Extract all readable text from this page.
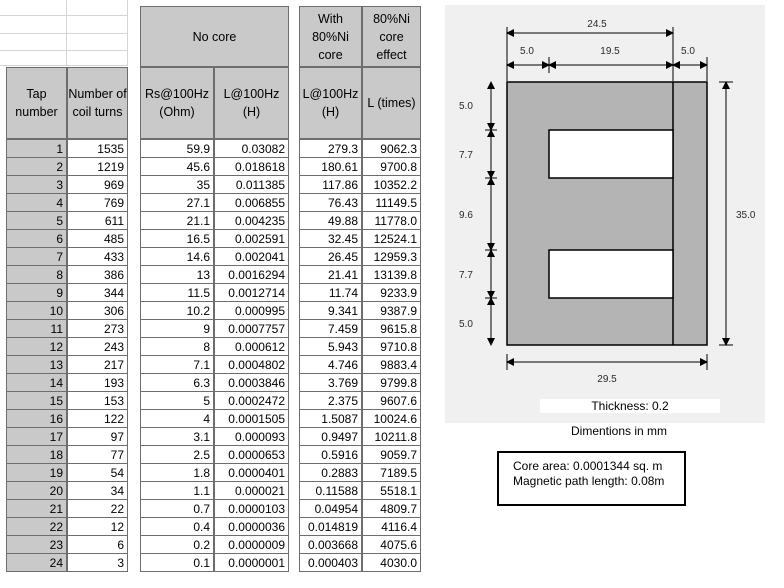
No core
With 80%Ni core
80%Ni core effect
Tap number
Number of coil turns
Rs@100Hz (Ohm)
L@100Hz (H)
L@100Hz (H)
L (times)
1	1535	59.9	0.03082	279.3	9062.3
2	1219	45.6	0.018618	180.61	9700.8
3	969	35	0.011385	117.86	10352.2
4	769	27.1	0.006855	76.43	11149.5
5	611	21.1	0.004235	49.88	11778.0
6	485	16.5	0.002591	32.45	12524.1
7	433	14.6	0.002041	26.45	12959.3
8	386	13	0.0016294	21.41	13139.8
9	344	11.5	0.0012714	11.74	9233.9
10	306	10.2	0.000995	9.341	9387.9
11	273	9	0.0007757	7.459	9615.8
12	243	8	0.000612	5.943	9710.8
13	217	7.1	0.0004802	4.746	9883.4
14	193	6.3	0.0003846	3.769	9799.8
15	153	5	0.0002472	2.375	9607.6
16	122	4	0.0001505	1.5087	10024.6
17	97	3.1	0.000093	0.9497	10211.8
18	77	2.5	0.0000653	0.5916	9059.7
19	54	1.8	0.0000401	0.2883	7189.5
20	34	1.1	0.000021	0.11588	5518.1
21	22	0.7	0.0000103	0.04954	4809.7
22	12	0.4	0.0000036	0.014819	4116.4
23	6	0.2	0.0000009	0.003668	4075.6
24	3	0.1	0.0000001	0.000403	4030.0
24.5
5.0	19.5	5.0
5.0
7.7
9.6
7.7
5.0
35.0
29.5
Thickness: 0.2
Dimentions in mm
Core area: 0.0001344 sq. m
Magnetic path length: 0.08m
